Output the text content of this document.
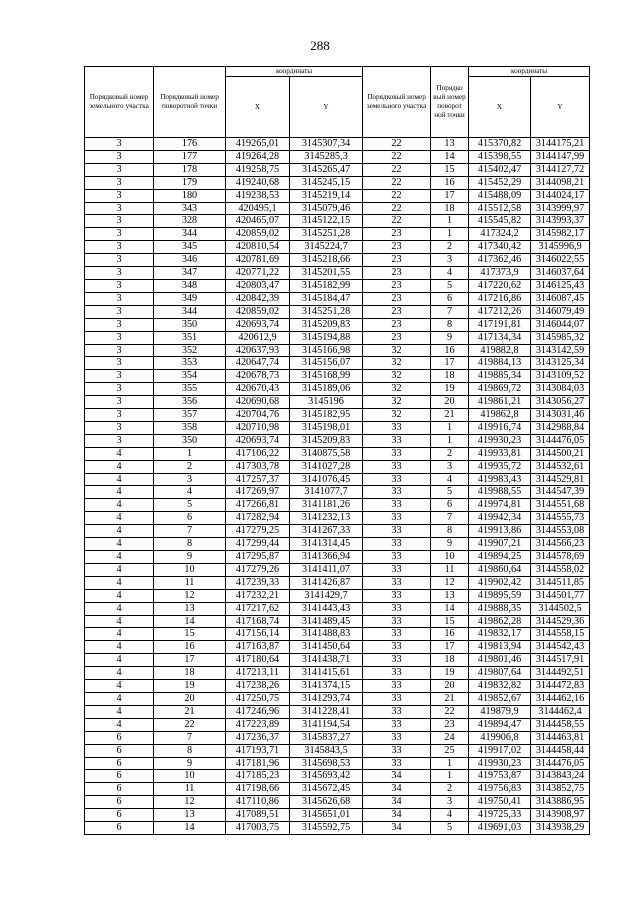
288
Порядковый номер земельного участка	Порядковый номер поворотной точки	координаты		Порядковый номер земельного участка	Порядко вый номер поворот ной точки	координаты	
		X	Y			X	Y
3	176	419265,01	3145307,34	22	13	415370,82	3144175,21
3	177	419264,28	3145285,3	22	14	415398,55	3144147,99
3	178	419258,75	3145265,47	22	15	415402,47	3144127,72
3	179	419240,68	3145245,15	22	16	415452,29	3144098,21
3	180	419238,53	3145219,14	22	17	415488,09	3144024,17
3	343	420495,1	3145079,46	22	18	415512,58	3143999,97
3	328	420465,07	3145122,15	22	1	415545,82	3143993,37
3	344	420859,02	3145251,28	23	1	417324,2	3145982,17
3	345	420810,54	3145224,7	23	2	417340,42	3145996,9
3	346	420781,69	3145218,66	23	3	417362,46	3146022,55
3	347	420771,22	3145201,55	23	4	417373,9	3146037,64
3	348	420803,47	3145182,99	23	5	417220,62	3146125,43
3	349	420842,39	3145184,47	23	6	417216,86	3146087,45
3	344	420859,02	3145251,28	23	7	417212,26	3146079,49
3	350	420693,74	3145209,83	23	8	417191,81	3146044,07
3	351	420612,9	3145194,88	23	9	417134,34	3145985,32
3	352	420637,93	3145166,98	32	16	419882,8	3143142,59
3	353	420647,74	3145156,07	32	17	419884,13	3143125,34
3	354	420678,73	3145168,99	32	18	419885,34	3143109,52
3	355	420670,43	3145189,06	32	19	419869,72	3143084,03
3	356	420690,68	3145196	32	20	419861,21	3143056,27
3	357	420704,76	3145182,95	32	21	419862,8	3143031,46
3	358	420710,98	3145198,01	33	1	419916,74	3142988,84
3	350	420693,74	3145209,83	33	1	419930,23	3144476,05
4	1	417106,22	3140875,58	33	2	419933,81	3144500,21
4	2	417303,78	3141027,28	33	3	419935,72	3144532,61
4	3	417257,37	3141076,45	33	4	419983,43	3144529,81
4	4	417269,97	3141077,7	33	5	419988,55	3144547,39
4	5	417266,81	3141181,26	33	6	419974,81	3144551,68
4	6	417282,94	3141232,13	33	7	419942,34	3144555,73
4	7	417279,25	3141267,33	33	8	419913,86	3144553,08
4	8	417299,44	3141314,45	33	9	419907,21	3144566,23
4	9	417295,87	3141366,94	33	10	419894,25	3144578,69
4	10	417279,26	3141411,07	33	11	419860,64	3144558,02
4	11	417239,33	3141426,87	33	12	419902,42	3144511,85
4	12	417232,21	3141429,7	33	13	419895,59	3144501,77
4	13	417217,62	3141443,43	33	14	419888,35	3144502,5
4	14	417168,74	3141489,45	33	15	419862,28	3144529,36
4	15	417156,14	3141488,83	33	16	419832,17	3144558,15
4	16	417163,87	3141450,64	33	17	419813,94	3144542,43
4	17	417180,64	3141438,71	33	18	419801,46	3144517,91
4	18	417213,11	3141415,61	33	19	419807,64	3144492,51
4	19	417238,26	3141374,15	33	20	419832,82	3144472,83
4	20	417250,75	3141293,74	33	21	419852,67	3144462,16
4	21	417246,96	3141228,41	33	22	419879,9	3144462,4
4	22	417223,89	3141194,54	33	23	419894,47	3144458,55
6	7	417236,37	3145837,27	33	24	419906,8	3144463,81
6	8	417193,71	3145843,5	33	25	419917,02	3144458,44
6	9	417181,96	3145698,53	33	1	419930,23	3144476,05
6	10	417185,23	3145693,42	34	1	419753,87	3143843,24
6	11	417198,66	3145672,45	34	2	419756,83	3143852,75
6	12	417110,86	3145626,68	34	3	419750,41	3143886,95
6	13	417089,51	3145651,01	34	4	419725,33	3143908,97
6	14	417003,75	3145592,75	34	5	419691,03	3143938,29
